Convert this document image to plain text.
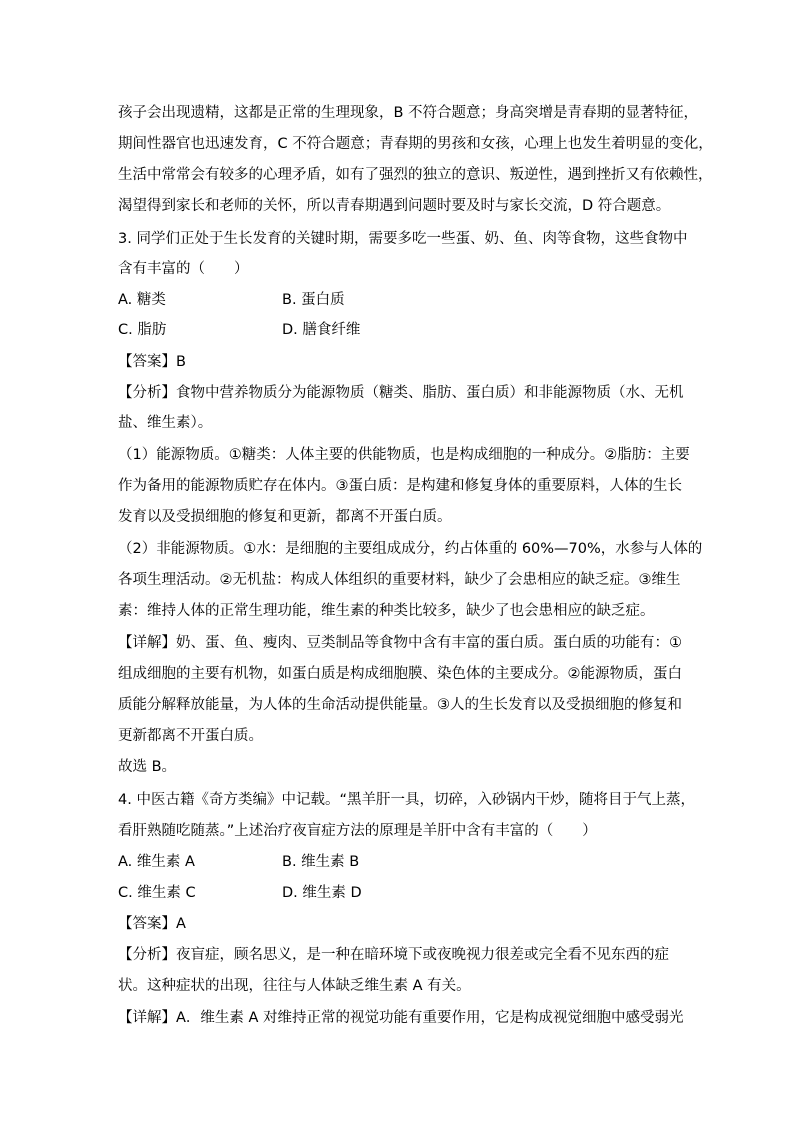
孩子会出现遗精，这都是正常的生理现象，B 不符合题意；身高突增是青春期的显著特征，
期间性器官也迅速发育，C 不符合题意；青春期的男孩和女孩，心理上也发生着明显的变化，
生活中常常会有较多的心理矛盾，如有了强烈的独立的意识、叛逆性，遇到挫折又有依赖性，
渴望得到家长和老师的关怀，所以青春期遇到问题时要及时与家长交流，D 符合题意。
3. 同学们正处于生长发育的关键时期，需要多吃一些蛋、奶、鱼、肉等食物，这些食物中
含有丰富的（　　）
A. 糖类	B. 蛋白质
C. 脂肪	D. 膳食纤维
【答案】B
【分析】食物中营养物质分为能源物质（糖类、脂肪、蛋白质）和非能源物质（水、无机
盐、维生素）。
（1）能源物质。①糖类：人体主要的供能物质，也是构成细胞的一种成分。②脂肪：主要
作为备用的能源物质贮存在体内。③蛋白质：是构建和修复身体的重要原料，人体的生长
发育以及受损细胞的修复和更新，都离不开蛋白质。
（2）非能源物质。①水：是细胞的主要组成成分，约占体重的 60%—70%，水参与人体的
各项生理活动。②无机盐：构成人体组织的重要材料，缺少了会患相应的缺乏症。③维生
素：维持人体的正常生理功能，维生素的种类比较多，缺少了也会患相应的缺乏症。
【详解】奶、蛋、鱼、瘦肉、豆类制品等食物中含有丰富的蛋白质。蛋白质的功能有：①
组成细胞的主要有机物，如蛋白质是构成细胞膜、染色体的主要成分。②能源物质，蛋白
质能分解释放能量，为人体的生命活动提供能量。③人的生长发育以及受损细胞的修复和
更新都离不开蛋白质。
故选 B。
4. 中医古籍《奇方类编》中记载。“黑羊肝一具，切碎，入砂锅内干炒，随将目于气上蒸，
看肝熟随吃随蒸。”上述治疗夜盲症方法的原理是羊肝中含有丰富的（　　）
A. 维生素 A	B. 维生素 B
C. 维生素 C	D. 维生素 D
【答案】A
【分析】夜盲症，顾名思义，是一种在暗环境下或夜晚视力很差或完全看不见东西的症
状。这种症状的出现，往往与人体缺乏维生素 A 有关。
【详解】A．维生素 A 对维持正常的视觉功能有重要作用，它是构成视觉细胞中感受弱光
